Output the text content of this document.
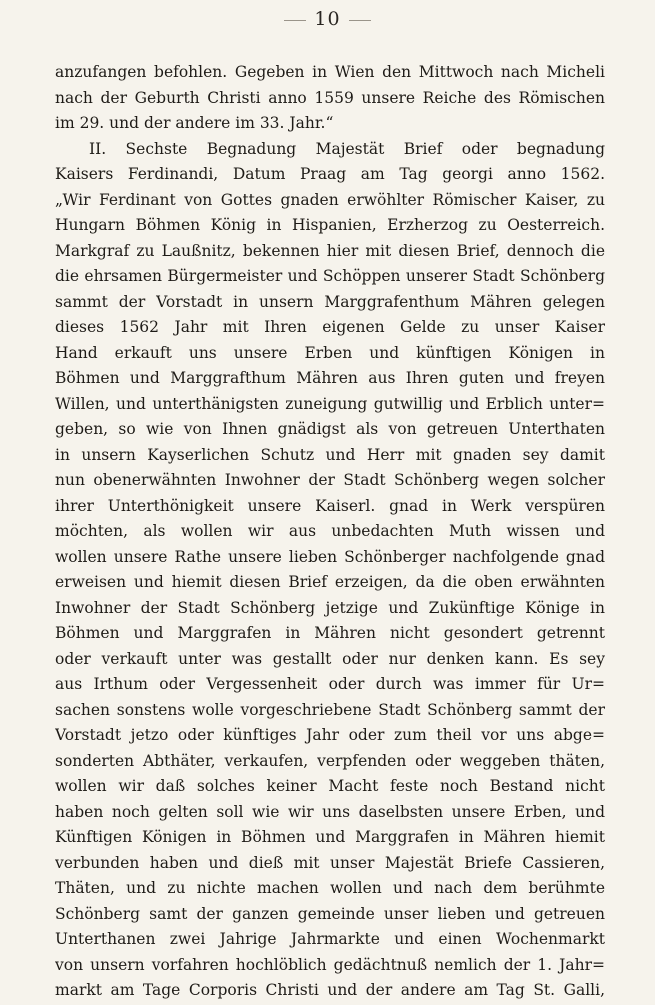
10
anzufangen befohlen. Gegeben in Wien den Mittwoch nach Micheli
nach der Geburth Christi anno 1559 unsere Reiche des Römischen
im 29. und der andere im 33. Jahr.“
II. Sechste Begnadung Majestät Brief oder begnadung
Kaisers Ferdinandi, Datum Praag am Tag georgi anno 1562.
„Wir Ferdinant von Gottes gnaden erwöhlter Römischer Kaiser, zu
Hungarn Böhmen König in Hispanien, Erzherzog zu Oesterreich.
Markgraf zu Laußnitz, bekennen hier mit diesen Brief, dennoch die
die ehrsamen Bürgermeister und Schöppen unserer Stadt Schönberg
sammt der Vorstadt in unsern Marggrafenthum Mähren gelegen
dieses 1562 Jahr mit Ihren eigenen Gelde zu unser Kaiser
Hand erkauft uns unsere Erben und künftigen Königen in
Böhmen und Marggrafthum Mähren aus Ihren guten und freyen
Willen, und unterthänigsten zuneigung gutwillig und Erblich unter=
geben, so wie von Ihnen gnädigst als von getreuen Unterthaten
in unsern Kayserlichen Schutz und Herr mit gnaden sey damit
nun obenerwähnten Inwohner der Stadt Schönberg wegen solcher
ihrer Unterthönigkeit unsere Kaiserl. gnad in Werk verspüren
möchten, als wollen wir aus unbedachten Muth wissen und
wollen unsere Rathe unsere lieben Schönberger nachfolgende gnad
erweisen und hiemit diesen Brief erzeigen, da die oben erwähnten
Inwohner der Stadt Schönberg jetzige und Zukünftige Könige in
Böhmen und Marggrafen in Mähren nicht gesondert getrennt
oder verkauft unter was gestallt oder nur denken kann. Es sey
aus Irthum oder Vergessenheit oder durch was immer für Ur=
sachen sonstens wolle vorgeschriebene Stadt Schönberg sammt der
Vorstadt jetzo oder künftiges Jahr oder zum theil vor uns abge=
sonderten Abthäter, verkaufen, verpfenden oder weggeben thäten,
wollen wir daß solches keiner Macht feste noch Bestand nicht
haben noch gelten soll wie wir uns daselbsten unsere Erben, und
Künftigen Königen in Böhmen und Marggrafen in Mähren hiemit
verbunden haben und dieß mit unser Majestät Briefe Cassieren,
Thäten, und zu nichte machen wollen und nach dem berühmte
Schönberg samt der ganzen gemeinde unser lieben und getreuen
Unterthanen zwei Jahrige Jahrmarkte und einen Wochenmarkt
von unsern vorfahren hochlöblich gedächtnuß nemlich der 1. Jahr=
markt am Tage Corporis Christi und der andere am Tag St. Galli,
